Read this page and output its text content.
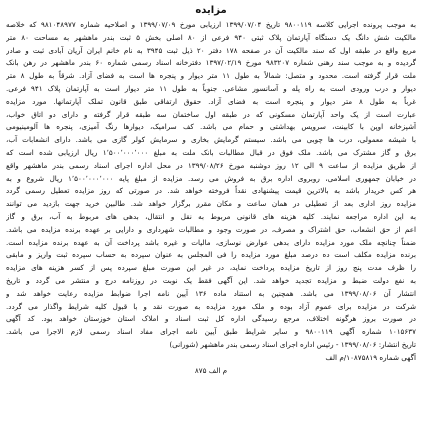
مزایده
به موجب پرونده اجرایی کلاسه ۹۸۰۰۱۱۹ تاریخ ۱۳۹۹/۰۷/۰۴ ارزیابی مورخ ۱۳۹۹/۰۷/۰۹ و اصلاحیه شماره ۹۸۱۰۴۸۹۷۷ که خلاصه
مالکیت شش دانگ یک دستگاه آپارتمان پلاک ثبتی ۹۴۰ فرعی از ۸۰ اصلی بخش ۵ ثبت بندر ماهشهر به مساحت ۸۰ متر
مربع واقع در طبقه اول که سند مالکیت آن در صفحه ۱۷۸ دفتر ۲۰ ذیل ثبت ۳۹۴۵ به نام خانم ایران آریان آبادی ثبت و صادر
گردیده و به موجب سند رهنی شماره ۹۸۳۲۰۷ مورخ ۱۳۹۷/۰۲/۱۹ دفترخانه اسناد رسمی شماره ۶۰ بندر ماهشهر در رهن بانک
ملت قرار گرفته است. محدود و متصل: شمالاً به طول ۱۱ متر دیوار و پنجره ها است به فضای آزاد. شرقاً به طول ۸ متر
دیوار و درب ورودی است به راه پله و آسانسور مشاعی. جنوباً به طول ۱۱ متر دیوار است به آپارتمان پلاک ۹۴۱ فرعی.
غرباً به طول ۸ متر دیوار و پنجره است به فضای آزاد. حقوق ارتفاقی طبق قانون تملک آپارتمانها. مورد مزایده
عبارت است از یک واحد آپارتمان مسکونی که در طبقه اول ساختمان سه طبقه قرار گرفته و دارای دو اتاق خواب،
آشپزخانه اوپن با کابینت، سرویس بهداشتی و حمام می باشد. کف سرامیک، دیوارها رنگ آمیزی، پنجره ها آلومینیومی
با شیشه معمولی، درب ها چوبی می باشد. سیستم گرمایش بخاری و سرمایش کولر گازی می باشد. دارای انشعابات آب،
برق و گاز مشترک می باشد. ملک فوق در قبال مطالبات بانک ملت به مبلغ ۱٬۵۰۰٬۰۰۰٬۰۰۰ ریال ارزیابی شده است که
از طریق مزایده از ساعت ۹ الی ۱۲ روز دوشنبه مورخ ۱۳۹۹/۰۸/۲۶ در محل اداره اجرای اسناد رسمی بندر ماهشهر واقع
در خیابان جمهوری اسلامی، روبروی اداره برق به فروش می رسد. مزایده از مبلغ پایه ۱٬۵۰۰٬۰۰۰٬۰۰۰ ریال شروع و به
هر کس خریدار باشد به بالاترین قیمت پیشنهادی نقداً فروخته خواهد شد. در صورتی که روز مزایده تعطیل رسمی گردد
مزایده روز اداری بعد از تعطیلی در همان ساعت و مکان مقرر برگزار خواهد شد. طالبین خرید جهت بازدید می توانند
به این اداره مراجعه نمایند. کلیه هزینه های قانونی مربوط به نقل و انتقال، بدهی های مربوط به آب، برق و گاز
اعم از حق انشعاب، حق اشتراک و مصرف، در صورت وجود و مطالبات شهرداری و دارایی بر عهده برنده مزایده می باشد.
ضمناً چنانچه ملک مورد مزایده دارای بدهی عوارض نوسازی، مالیات و غیره باشد پرداخت آن به عهده برنده مزایده است.
برنده مزایده مکلف است ده درصد مبلغ مورد مزایده را فی المجلس به عنوان سپرده به حساب سپرده ثبت واریز و مابقی
را ظرف مدت پنج روز از تاریخ مزایده پرداخت نماید، در غیر این صورت مبلغ سپرده پس از کسر هزینه های مزایده
به نفع دولت ضبط و مزایده تجدید خواهد شد. این آگهی فقط یک نوبت در روزنامه درج و منتشر می گردد و تاریخ
انتشار آن ۱۳۹۹/۰۸/۰۶ می باشد. همچنین به استناد ماده ۱۳۶ آیین نامه اجرا ضوابط مزایده رعایت خواهد شد و
شرکت در مزایده برای عموم آزاد بوده و ملک مورد مزایده به صورت نقد و با قبول کلیه شرایط واگذار می گردد.
در صورت بروز هرگونه اختلاف، مرجع رسیدگی اداره کل ثبت اسناد و املاک استان خوزستان خواهد بود. کد آگهی
۱۰۱۵۶۳۷ شماره آگهی ۹۸۰۰۱۱۹ و سایر شرایط طبق آیین نامه اجرای مفاد اسناد رسمی لازم الاجرا می باشد.
تاریخ انتشار: ۱۳۹۹/۰۸/۰۶ - رئیس اداره اجرای اسناد رسمی بندر ماهشهر (شورانی)
آگهی شماره ۱۰۸۷۵۸۱۹/م الف
م الف ۸۷۵
